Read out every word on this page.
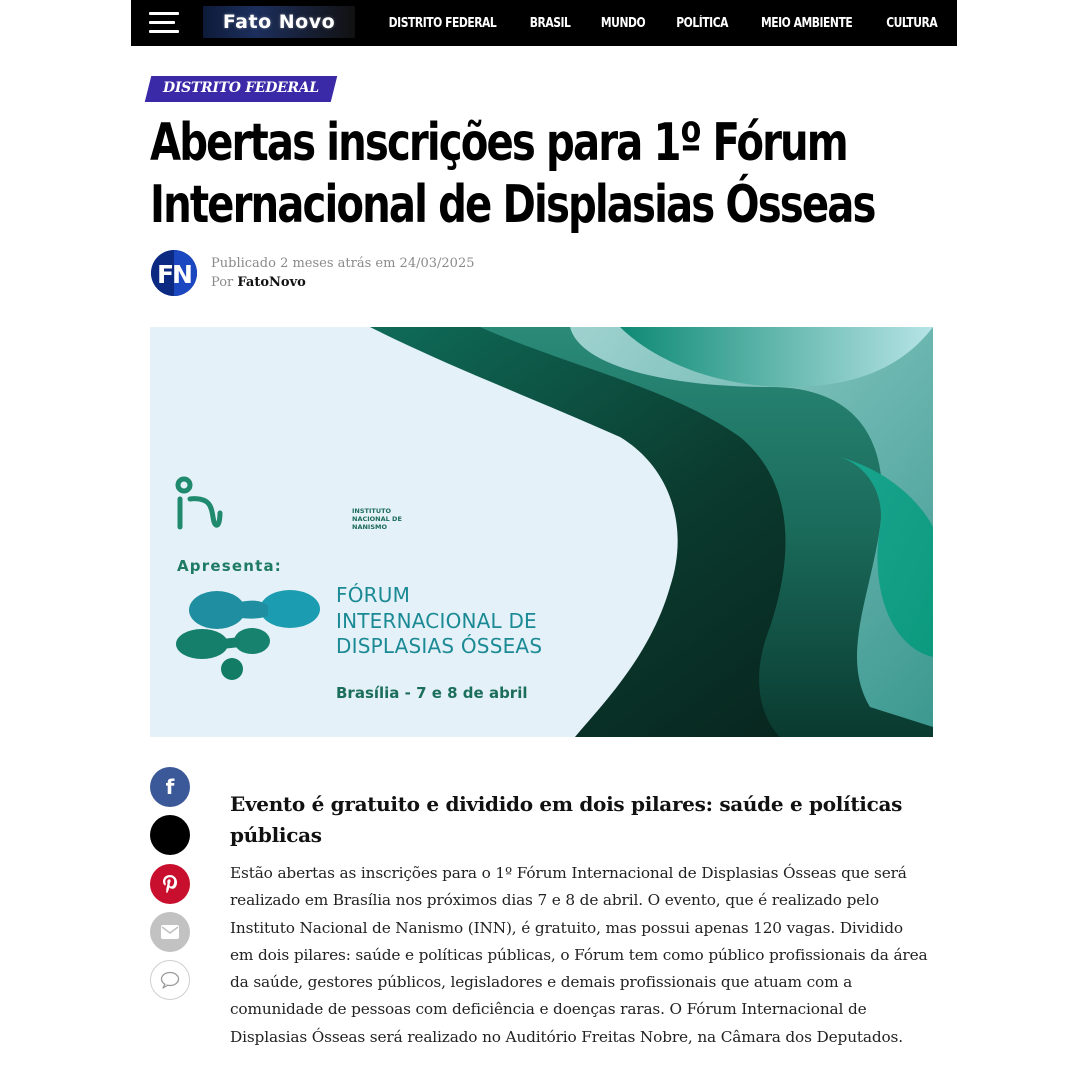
Fato Novo	DISTRITO FEDERAL	BRASIL MUNDO POLÍTICA	MEIO AMBIENTE	CULTURA
DISTRITO FEDERAL
Abertas inscrições para 1º Fórum Internacional de Displasias Ósseas
FN Publicado 2 meses atrás em 24/03/2025
Por FatoNovo
INSTITUTO NACIONAL DE NANISMO
Apresenta:
FÓRUM INTERNACIONAL DE DISPLASIAS ÓSSEAS
Brasília - 7 e 8 de abril
f
Evento é gratuito e dividido em dois pilares: saúde e políticas públicas

Estão abertas as inscrições para o 1º Fórum Internacional de Displasias Ósseas que será realizado em Brasília nos próximos dias 7 e 8 de abril. O evento, que é realizado pelo Instituto Nacional de Nanismo (INN), é gratuito, mas possui apenas 120 vagas. Dividido em dois pilares: saúde e políticas públicas, o Fórum tem como público profissionais da área da saúde, gestores públicos, legisladores e demais profissionais que atuam com a comunidade de pessoas com deficiência e doenças raras. O Fórum Internacional de Displasias Ósseas será realizado no Auditório Freitas Nobre, na Câmara dos Deputados.
